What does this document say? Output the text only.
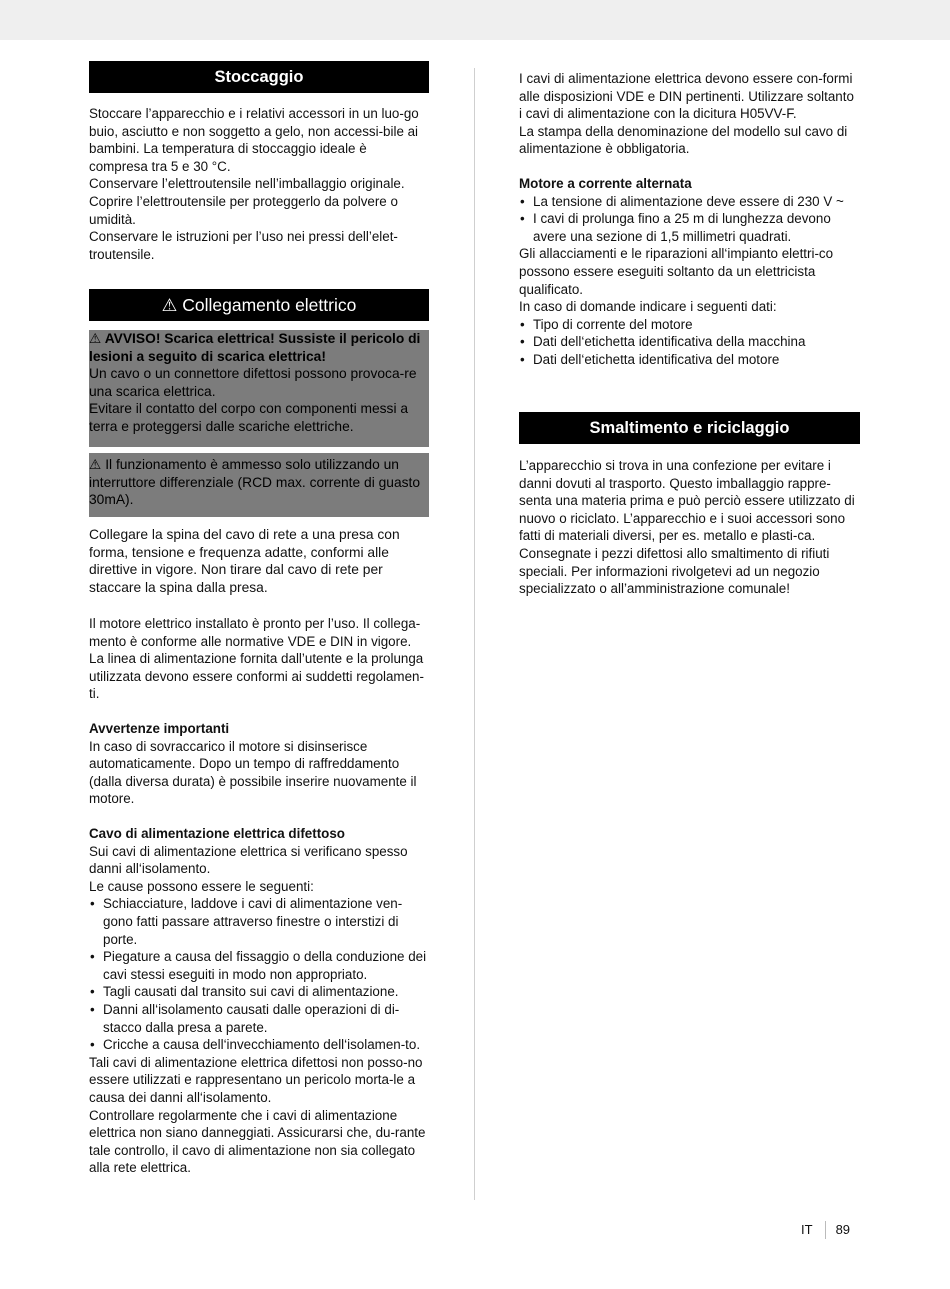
Stoccaggio

Stoccare l’apparecchio e i relativi accessori in un luo-go buio, asciutto e non soggetto a gelo, non accessi-bile ai bambini. La temperatura di stoccaggio ideale è compresa tra 5 e 30 °C.

Conservare l’elettroutensile nell’imballaggio originale.

Coprire l’elettroutensile per proteggerlo da polvere o umidità.

Conservare le istruzioni per l’uso nei pressi dell’elet-troutensile.

⚠ Collegamento elettrico

⚠ AVVISO! Scarica elettrica! Sussiste il pericolo di lesioni a seguito di scarica elettrica!

Un cavo o un connettore difettosi possono provoca-re una scarica elettrica.

Evitare il contatto del corpo con componenti messi a terra e proteggersi dalle scariche elettriche.

⚠ Il funzionamento è ammesso solo utilizzando un interruttore differenziale (RCD max. corrente di guasto 30mA).

Collegare la spina del cavo di rete a una presa con forma, tensione e frequenza adatte, conformi alle direttive in vigore. Non tirare dal cavo di rete per staccare la spina dalla presa.

Il motore elettrico installato è pronto per l’uso. Il collega-mento è conforme alle normative VDE e DIN in vigore. La linea di alimentazione fornita dall’utente e la prolunga utilizzata devono essere conformi ai suddetti regolamen-ti.

Avvertenze importanti

In caso di sovraccarico il motore si disinserisce automaticamente. Dopo un tempo di raffreddamento (dalla diversa durata) è possibile inserire nuovamente il motore.

Cavo di alimentazione elettrica difettoso

Sui cavi di alimentazione elettrica si verificano spesso danni all‘isolamento.

Le cause possono essere le seguenti:

• Schiacciature, laddove i cavi di alimentazione ven-gono fatti passare attraverso finestre o interstizi di porte.
• Piegature a causa del fissaggio o della conduzione dei cavi stessi eseguiti in modo non appropriato.
• Tagli causati dal transito sui cavi di alimentazione.
• Danni all‘isolamento causati dalle operazioni di di-stacco dalla presa a parete.
• Cricche a causa dell‘invecchiamento dell‘isolamen-to.

Tali cavi di alimentazione elettrica difettosi non posso-no essere utilizzati e rappresentano un pericolo morta-le a causa dei danni all‘isolamento.

Controllare regolarmente che i cavi di alimentazione elettrica non siano danneggiati. Assicurarsi che, du-rante tale controllo, il cavo di alimentazione non sia collegato alla rete elettrica.

I cavi di alimentazione elettrica devono essere con-formi alle disposizioni VDE e DIN pertinenti. Utilizzare soltanto i cavi di alimentazione con la dicitura H05VV-F.

La stampa della denominazione del modello sul cavo di alimentazione è obbligatoria.

Motore a corrente alternata

• La tensione di alimentazione deve essere di 230 V ~
• I cavi di prolunga fino a 25 m di lunghezza devono avere una sezione di 1,5 millimetri quadrati.

Gli allacciamenti e le riparazioni all‘impianto elettri-co possono essere eseguiti soltanto da un elettricista qualificato.

In caso di domande indicare i seguenti dati:

• Tipo di corrente del motore
• Dati dell‘etichetta identificativa della macchina
• Dati dell‘etichetta identificativa del motore
Smaltimento e riciclaggio

L’apparecchio si trova in una confezione per evitare i danni dovuti al trasporto. Questo imballaggio rappre-senta una materia prima e può perciò essere utilizzato di nuovo o riciclato. L’apparecchio e i suoi accessori sono fatti di materiali diversi, per es. metallo e plasti-ca.

Consegnate i pezzi difettosi allo smaltimento di rifiuti speciali. Per informazioni rivolgetevi ad un negozio specializzato o all’amministrazione comunale!

IT 89
